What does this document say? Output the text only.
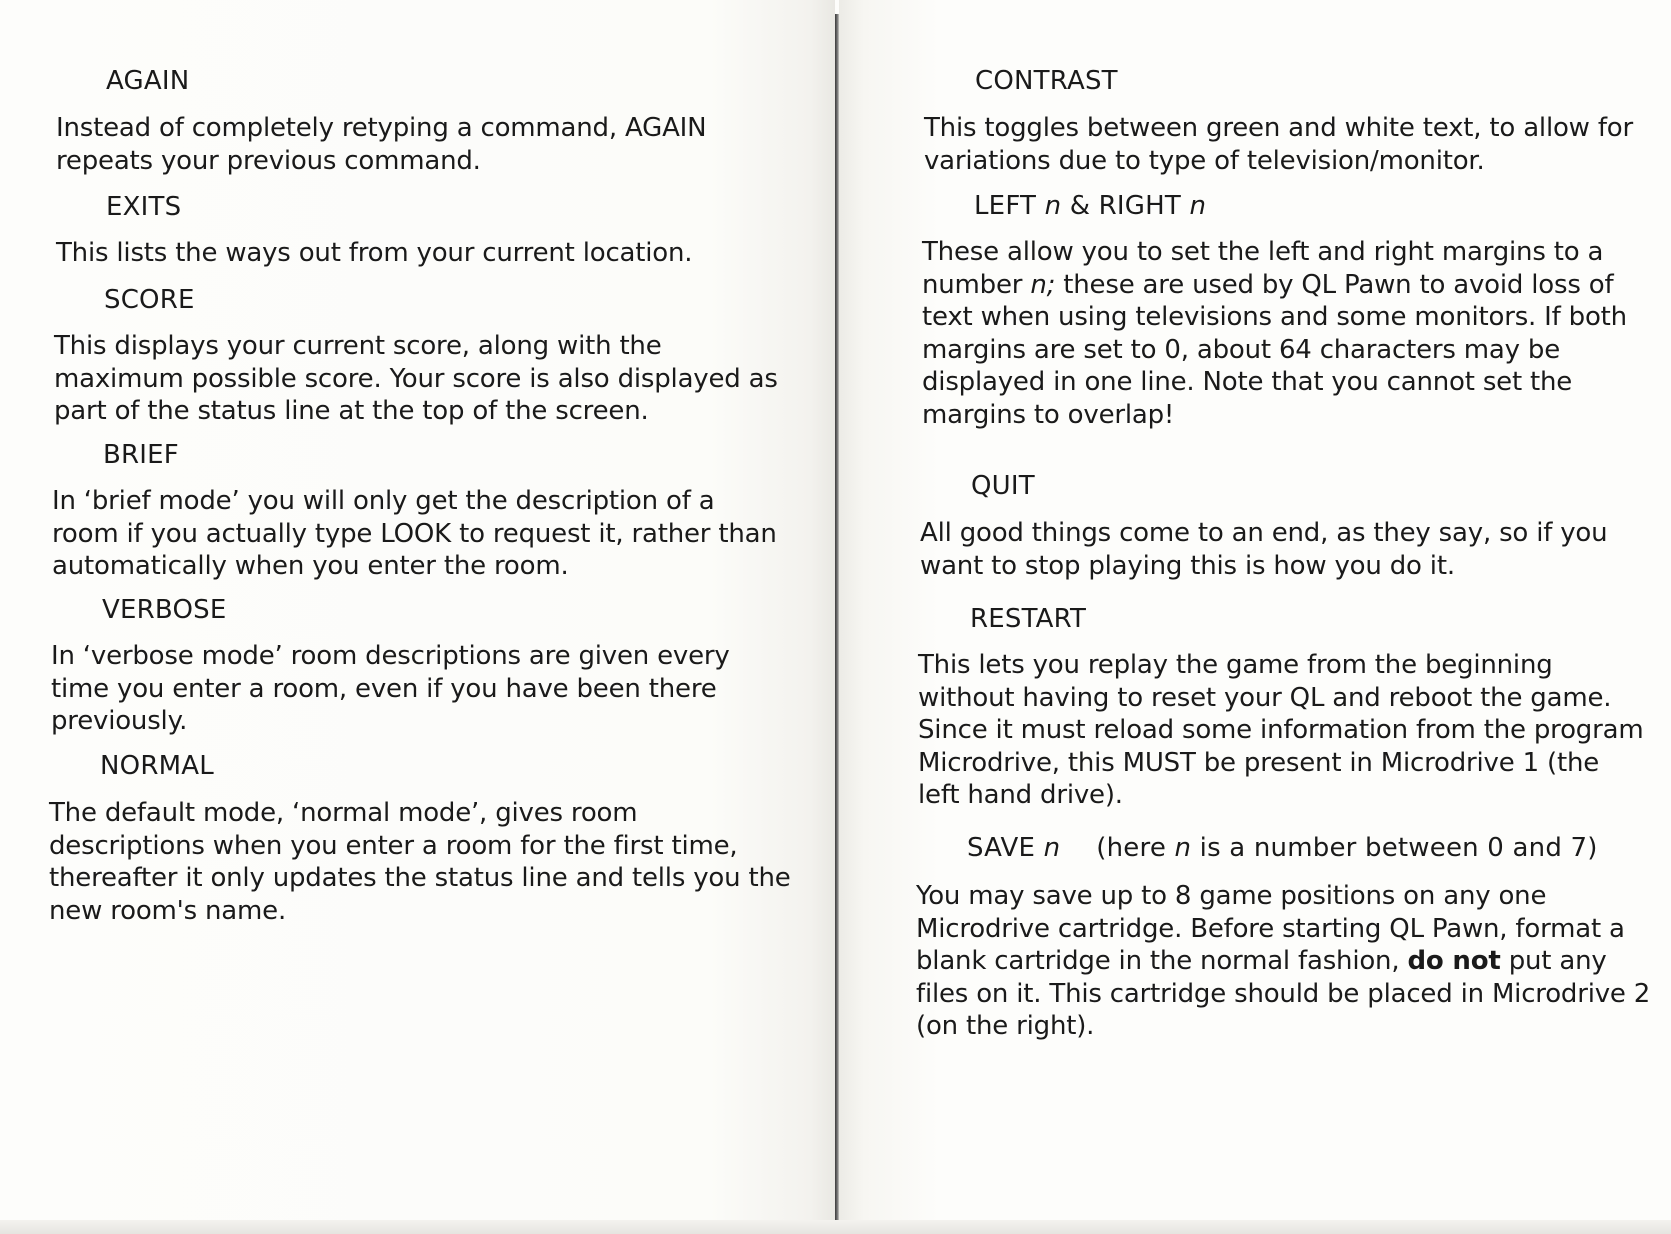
AGAIN
Instead of completely retyping a command, AGAIN
repeats your previous command.
EXITS
This lists the ways out from your current location.
SCORE
This displays your current score, along with the
maximum possible score. Your score is also displayed as
part of the status line at the top of the screen.
BRIEF
In ‘brief mode’ you will only get the description of a
room if you actually type LOOK to request it, rather than
automatically when you enter the room.
VERBOSE
In ‘verbose mode’ room descriptions are given every
time you enter a room, even if you have been there
previously.
NORMAL
The default mode, ‘normal mode’, gives room
descriptions when you enter a room for the first time,
thereafter it only updates the status line and tells you the
new room's name.
CONTRAST
This toggles between green and white text, to allow for
variations due to type of television/monitor.
LEFT n & RIGHT n
These allow you to set the left and right margins to a
number n; these are used by QL Pawn to avoid loss of
text when using televisions and some monitors. If both
margins are set to 0, about 64 characters may be
displayed in one line. Note that you cannot set the
margins to overlap!
QUIT
All good things come to an end, as they say, so if you
want to stop playing this is how you do it.
RESTART
This lets you replay the game from the beginning
without having to reset your QL and reboot the game.
Since it must reload some information from the program
Microdrive, this MUST be present in Microdrive 1 (the
left hand drive).
SAVE n (here n is a number between 0 and 7)
You may save up to 8 game positions on any one
Microdrive cartridge. Before starting QL Pawn, format a
blank cartridge in the normal fashion, do not put any
files on it. This cartridge should be placed in Microdrive 2
(on the right).
